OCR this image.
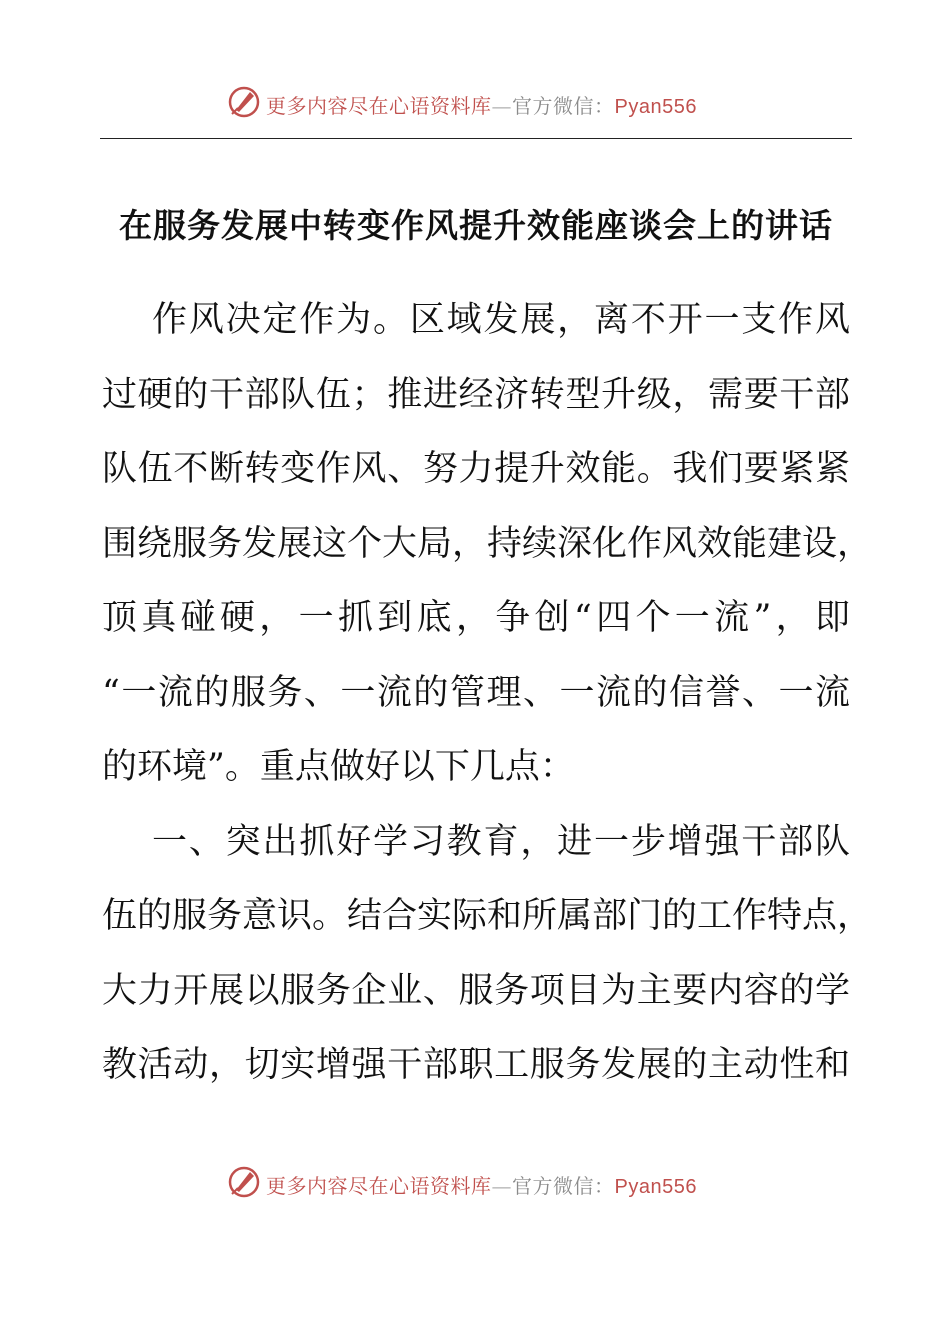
更多内容尽在心语资料库—官方微信：Pyan556
在服务发展中转变作风提升效能座谈会上的讲话
作风决定作为。区域发展，离不开一支作风
过硬的干部队伍；推进经济转型升级，需要干部
队伍不断转变作风、努力提升效能。我们要紧紧
围绕服务发展这个大局，持续深化作风效能建设，
顶真碰硬，一抓到底，争创“四个一流”，即
“一流的服务、一流的管理、一流的信誉、一流
的环境”。重点做好以下几点：
一、突出抓好学习教育，进一步增强干部队
伍的服务意识。结合实际和所属部门的工作特点，
大力开展以服务企业、服务项目为主要内容的学
教活动，切实增强干部职工服务发展的主动性和
更多内容尽在心语资料库—官方微信：Pyan556
